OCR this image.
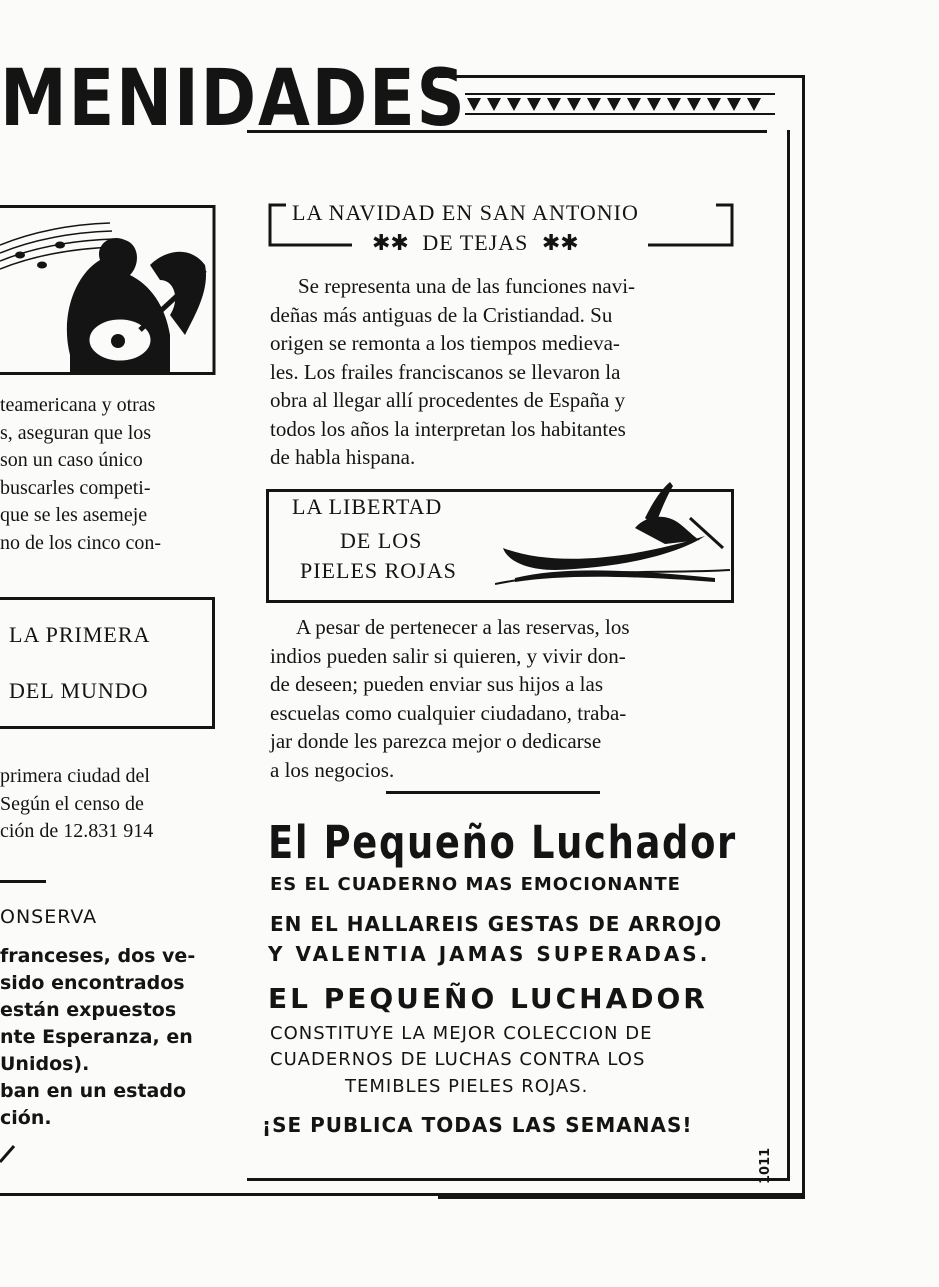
MENIDADES
teamericana y otras
s, aseguran que los
son un caso único
buscarles competi-
que se les asemeje
no de los cinco con-
LA PRIMERA
DEL MUNDO
primera ciudad del
Según el censo de
ción de 12.831 914
ONSERVA
franceses, dos ve-
sido encontrados
están expuestos
nte Esperanza, en
Unidos).
ban en un estado
ción.
LA NAVIDAD EN SAN ANTONIO
✱✱ DE TEJAS ✱✱
Se representa una de las funciones navi-
deñas más antiguas de la Cristiandad. Su
origen se remonta a los tiempos medieva-
les. Los frailes franciscanos se llevaron la
obra al llegar allí procedentes de España y
todos los años la interpretan los habitantes
de habla hispana.
LA LIBERTAD
DE LOS
PIELES ROJAS
A pesar de pertenecer a las reservas, los
indios pueden salir si quieren, y vivir don-
de deseen; pueden enviar sus hijos a las
escuelas como cualquier ciudadano, traba-
jar donde les parezca mejor o dedicarse
a los negocios.
El Pequeño Luchador
ES EL CUADERNO MAS EMOCIONANTE
EN EL HALLAREIS GESTAS DE ARROJO
Y VALENTIA JAMAS SUPERADAS.
EL PEQUEÑO LUCHADOR
CONSTITUYE LA MEJOR COLECCION DE
CUADERNOS DE LUCHAS CONTRA LOS
TEMIBLES PIELES ROJAS.
¡SE PUBLICA TODAS LAS SEMANAS!
1011
